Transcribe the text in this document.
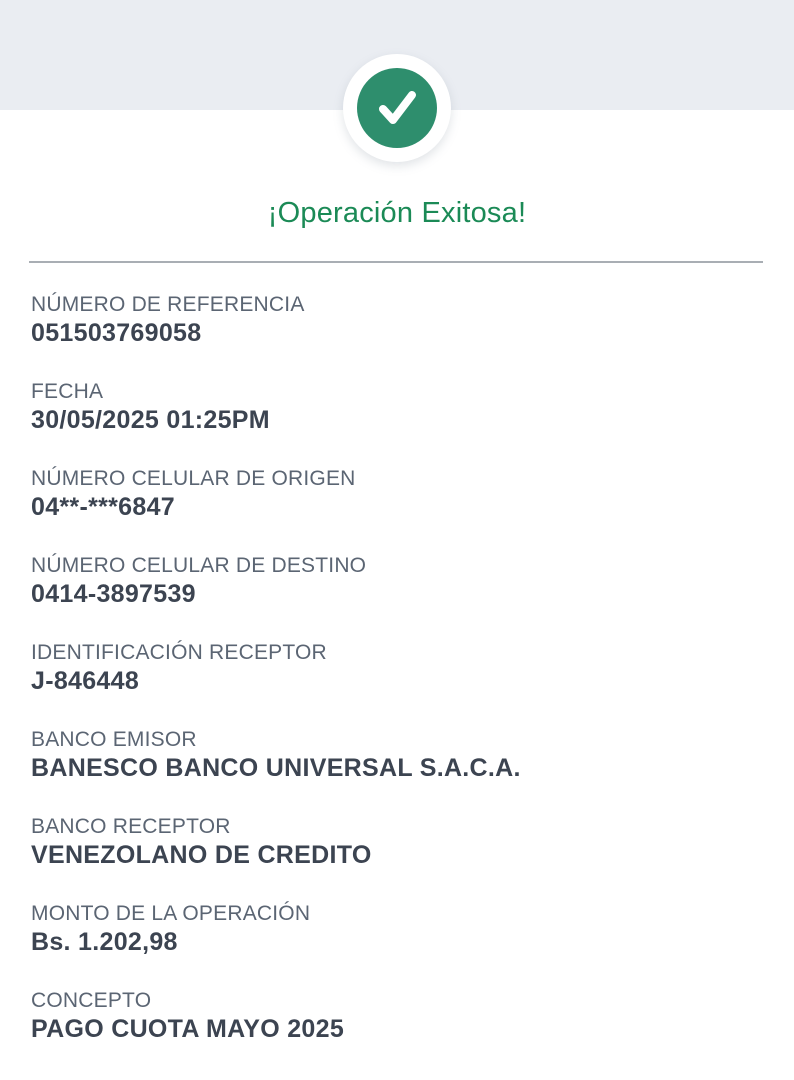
¡Operación Exitosa!
NÚMERO DE REFERENCIA
051503769058
FECHA
30/05/2025 01:25PM
NÚMERO CELULAR DE ORIGEN
04**-***6847
NÚMERO CELULAR DE DESTINO
0414-3897539
IDENTIFICACIÓN RECEPTOR
J-846448
BANCO EMISOR
BANESCO BANCO UNIVERSAL S.A.C.A.
BANCO RECEPTOR
VENEZOLANO DE CREDITO
MONTO DE LA OPERACIÓN
Bs. 1.202,98
CONCEPTO
PAGO CUOTA MAYO 2025
